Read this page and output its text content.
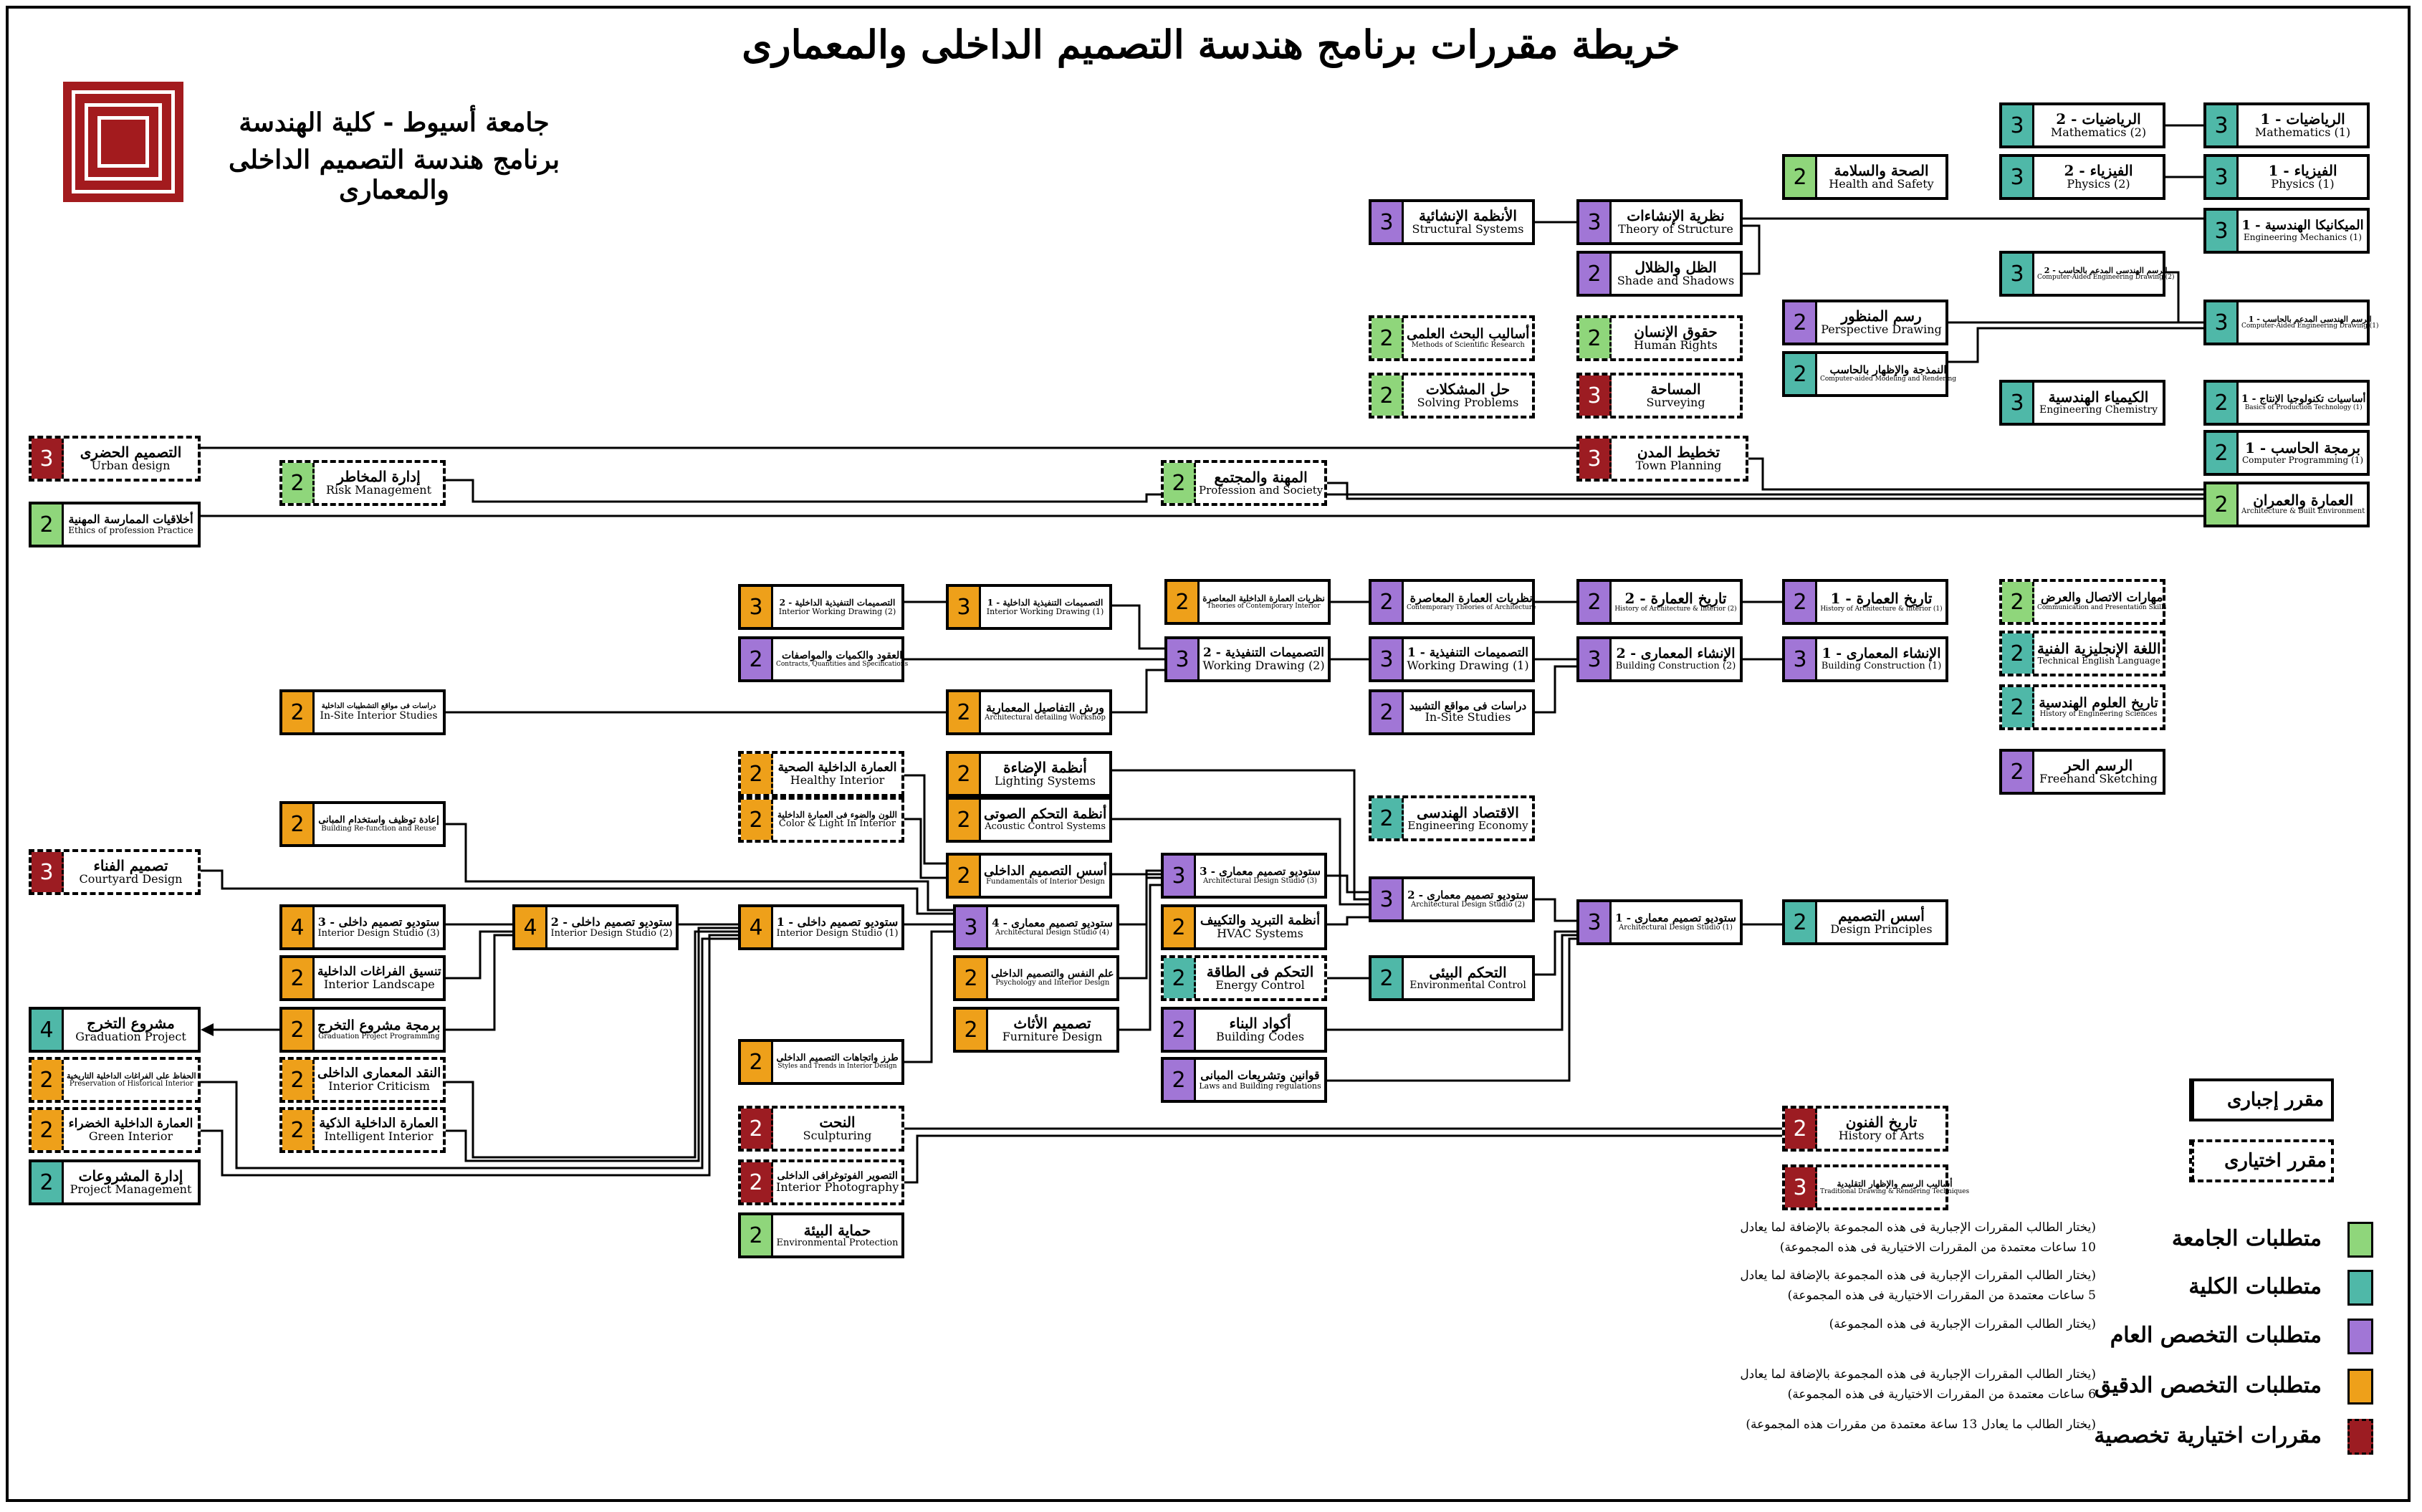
خريطة مقررات برنامج هندسة التصميم الداخلى والمعمارى
جامعة أسيوط - كلية الهندسة
برنامج هندسة التصميم الداخلى والمعمارى
3	الرياضيات - 1
Mathematics (1)
3	الرياضيات - 2
Mathematics (2)
3	الفيزياء - 1
Physics (1)
3	الفيزياء - 2
Physics (2)
2	الصحة والسلامة
Health and Safety
3	الميكانيكا الهندسية - 1
Engineering Mechanics (1)
3	الرسم الهندسى المدعم بالحاسب - 2
Computer-Aided Engineering Drawing (2)
3	الرسم الهندسى المدعم بالحاسب - 1
Computer-Aided Engineering Drawing (1)
2	رسم المنظور
Perspective Drawing
2	النمذجة والإظهار بالحاسب
Computer-aided Modeling and Rendering
3	الكيمياء الهندسية
Engineering Chemistry	2	أساسيات تكنولوجيا الإنتاج - 1
Basics of Production Technology (1)
2	برمجة الحاسب - 1
Computer Programming (1)
2	العمارة والعمران
Architecture & Built Environment
3	الأنظمة الإنشائية
Structural Systems	3	نظرية الإنشاءات
Theory of Structure
2	الظل والظلال
Shade and Shadows
2 أساليب البحث العلمى
Methods of Scientific Research	2	حقوق الإنسان
Human Rights
2	حل المشكلات
Solving Problems	3	المساحة
Surveying
3	التصميم الحضرى
Urban design	3	تخطيط المدن
Town Planning
2	إدارة المخاطر
Risk Management	2	المهنة والمجتمع
Profession and Society
2	أخلاقيات الممارسة المهنية
Ethics of profession Practice
2	مهارات الاتصال والعرض
Communication and Presentation Skills
2 اللغة الإنجليزية الفنية
Technical English Language
2	تاريخ العلوم الهندسية
History of Engineering Sciences
2	الرسم الحر
Freehand Sketching
3	التصميمات التنفيذية الداخلية - 2
Interior Working Drawing (2)	3	التصميمات التنفيذية الداخلية - 1
Interior Working Drawing (1)	2	نظريات العمارة الداخلية المعاصرة
Theories of Contemporary Interior	2	نظريات العمارة المعاصرة
Contemporary Theories of Architecture	2	تاريخ العمارة - 2
History of Architecture & Interior (2)	2	تاريخ العمارة - 1
History of Architecture & Interior (1)
2	العقود والكميات والمواصفات
Contracts, Quantities and Specifications	3	التصميمات التنفيذية - 2
Working Drawing (2)	3	التصميمات التنفيذية - 1
Working Drawing (1)	3	الإنشاء المعمارى - 2
Building Construction (2)	3	الإنشاء المعمارى - 1
Building Construction (1)
2	دراسات فى مواقع التشطيبات الداخلية
In-Site Interior Studies	2	ورش التفاصيل المعمارية
Architectural detailing Workshop	2	دراسات فى مواقع التشييد
In-Site Studies
2	العمارة الداخلية الصحية
Healthy Interior	2	أنظمة الإضاءة
Lighting Systems
2	الاقتصاد الهندسى
Engineering Economy
2	إعادة توظيف واستخدام المبانى
Building Re-function and Reuse	2	اللون والضوء فى العمارة الداخلية
Color & Light In Interior	2 أنظمة التحكم الصوتى
Acoustic Control Systems
3	تصميم الفناء
Courtyard Design	2	أسس التصميم الداخلى
Fundamentals of Interior Design	3	ستوديو تصميم معمارى - 3
Architectural Design Studio (3)
3	ستوديو تصميم معمارى - 2
Architectural Design Studio (2)
3	ستوديو تصميم معمارى - 1
Architectural Design Studio (1)	2	أسس التصميم
Design Principles
4	ستوديو تصميم داخلى - 3
Interior Design Studio (3)	4	ستوديو تصميم داخلى - 2
Interior Design Studio (2)	4	ستوديو تصميم داخلى - 1
Interior Design Studio (1)	3	ستوديو تصميم معمارى - 4
Architectural Design Studio (4)	2	أنظمة التبريد والتكييف
HVAC Systems
2	تنسيق الفراغات الداخلية
Interior Landscape	2	علم النفس والتصميم الداخلى
Psychology and Interior Design	2	التحكم فى الطاقة
Energy Control	2	التحكم البيئى
Environmental Control
2 برمجة مشروع التخرج
Graduation Project Programming
4	مشروع التخرج
Graduation Project	2	تصميم الأثاث
Furniture Design	2	أكواد البناء
Building Codes
2	النقد المعمارى الداخلى
Interior Criticism
2	الحفاظ على الفراغات الداخلية التاريخية
Preservation of Historical Interior
2	طرز واتجاهات التصميم الداخلى
Styles and Trends in Interior Design
2	قوانين وتشريعات المبانى
Laws and Building regulations
2	العمارة الداخلية الخضراء
Green Interior	2	العمارة الداخلية الذكية
Intelligent Interior	2	النحت
Sculpturing	2	تاريخ الفنون
History of Arts
2	إدارة المشروعات
Project Management	2	التصوير الفوتوغرافى الداخلى
Interior Photography	3	أساليب الرسم والإظهار التقليدية
Traditional Drawing & Rendering Techniques
2	حماية البيئة
Environmental Protection
مقرر إجبارى
مقرر اختيارى
متطلبات الجامعة
(يختار الطالب المقررات الإجبارية فى هذه المجموعة بالإضافة لما يعادل
10 ساعات معتمدة من المقررات الاختيارية فى هذه المجموعة)
متطلبات الكلية
(يختار الطالب المقررات الإجبارية فى هذه المجموعة بالإضافة لما يعادل
5 ساعات معتمدة من المقررات الاختيارية فى هذه المجموعة)
متطلبات التخصص العام
(يختار الطالب المقررات الإجبارية فى هذه المجموعة)
متطلبات التخصص الدقيق
(يختار الطالب المقررات الإجبارية فى هذه المجموعة بالإضافة لما يعادل
6 ساعات معتمدة من المقررات الاختيارية فى هذه المجموعة)
مقررات اختيارية تخصصية
(يختار الطالب ما يعادل 13 ساعة معتمدة من مقررات هذه المجموعة)
